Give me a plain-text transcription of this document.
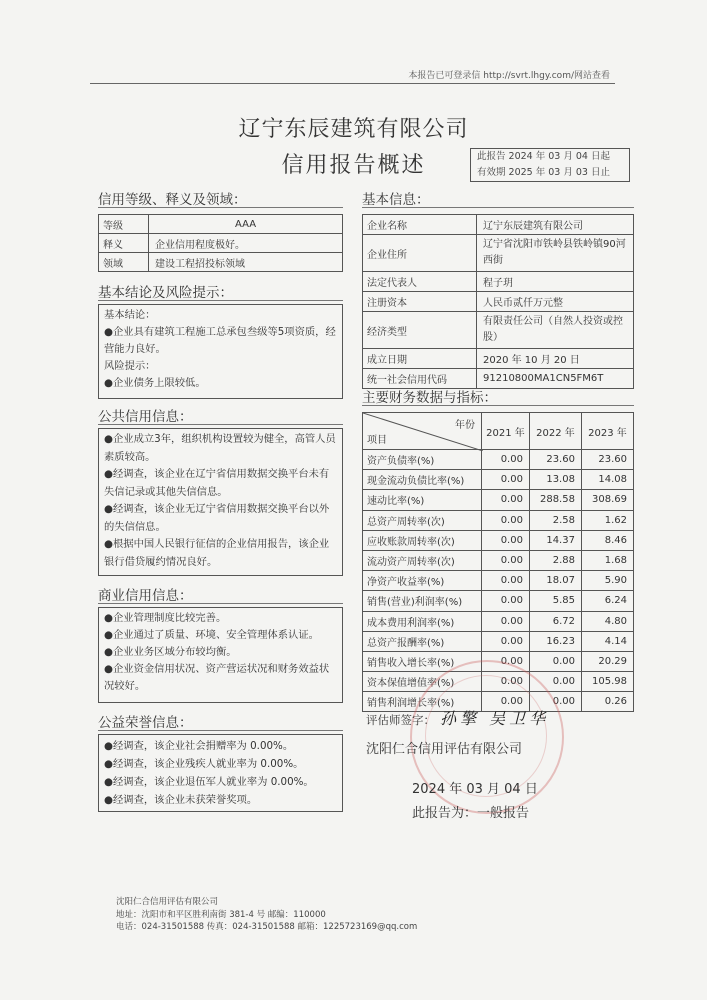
本报告已可登录信 http://svrt.lhgy.com/网站查看
辽宁东辰建筑有限公司
信用报告概述	此报告 2024 年 03 月 04 日起
有效期 2025 年 03 月 03 日止
信用等级、释义及领域：
等级	AAA
释义	企业信用程度极好。
领域	建设工程招投标领域
基本结论及风险提示：
基本结论：
●企业具有建筑工程施工总承包叁级等5项资质，经营能力良好。
风险提示：
●企业债务上限较低。
公共信用信息：
●企业成立3年，组织机构设置较为健全，高管人员素质较高。
●经调查，该企业在辽宁省信用数据交换平台未有失信记录或其他失信信息。
●经调查，该企业无辽宁省信用数据交换平台以外的失信信息。
●根据中国人民银行征信的企业信用报告，该企业银行借贷履约情况良好。
商业信用信息：
●企业管理制度比较完善。
●企业通过了质量、环境、安全管理体系认证。
●企业业务区域分布较均衡。
●企业资金信用状况、资产营运状况和财务效益状况较好。
公益荣誉信息：
●经调查，该企业社会捐赠率为 0.00%。
●经调查，该企业残疾人就业率为 0.00%。
●经调查，该企业退伍军人就业率为 0.00%。
●经调查，该企业未获荣誉奖项。
基本信息：
企业名称	辽宁东辰建筑有限公司
企业住所	辽宁省沈阳市铁岭县铁岭镇90河西街
法定代表人	程子玥
注册资本	人民币贰仟万元整
经济类型	有限责任公司（自然人投资或控股）
成立日期	2020 年 10 月 20 日
统一社会信用代码	91210800MA1CN5FM6T
主要财务数据与指标：
年份
项目	2021 年	2022 年	2023 年
资产负债率(%)	0.00	23.60	23.60
现金流动负债比率(%)	0.00	13.08	14.08
速动比率(%)	0.00	288.58	308.69
总资产周转率(次)	0.00	2.58	1.62
应收账款周转率(次)	0.00	14.37	8.46
流动资产周转率(次)	0.00	2.88	1.68
净资产收益率(%)	0.00	18.07	5.90
销售(营业)利润率(%)	0.00	5.85	6.24
成本费用利润率(%)	0.00	6.72	4.80
总资产报酬率(%)	0.00	16.23	4.14
销售收入增长率(%)	0.00	0.00	20.29
资本保值增值率(%)	0.00	0.00	105.98
销售利润增长率(%)	0.00	0.00	0.26
评估师签字： 孙擎 吴卫华
沈阳仁合信用评估有限公司
2024 年 03 月 04 日
此报告为：一般报告
沈阳仁合信用评估有限公司
地址：沈阳市和平区胜利南街 381-4 号 邮编：110000
电话：024-31501588 传真：024-31501588 邮箱：1225723169@qq.com
